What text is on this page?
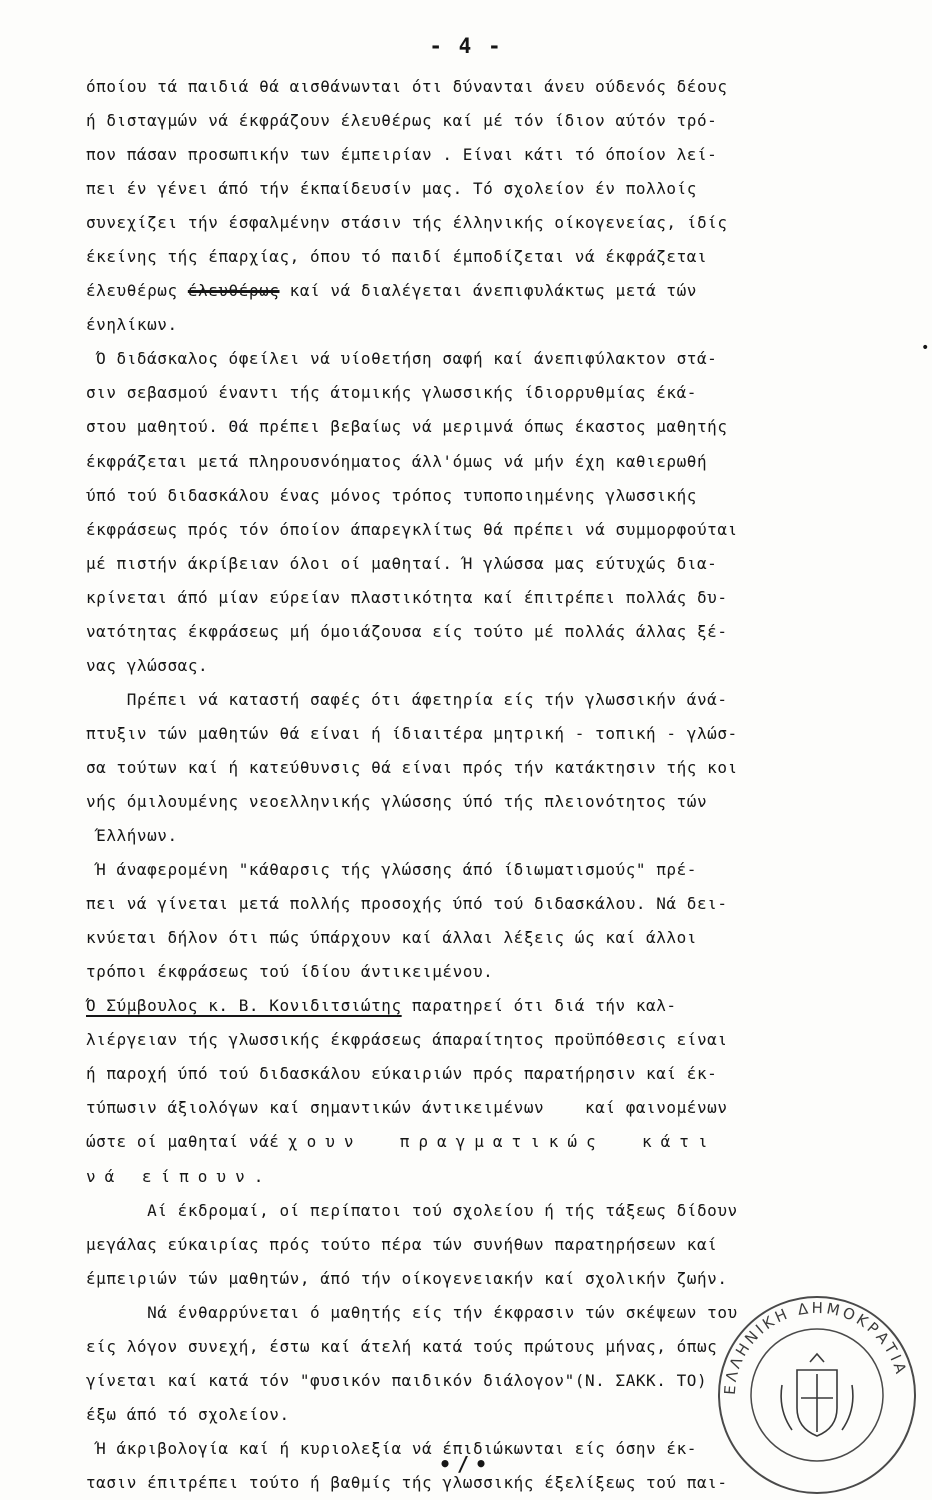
- 4 -
όποίου τά παιδιά θά αισθάνωνται ότι δύνανται άνευ ούδενός δέους
ή δισταγμών νά έκφράζουν έλευθέρως καί μέ τόν ίδιον αύτόν τρό-
πον πάσαν προσωπικήν των έμπειρίαν . Είναι κάτι τό όποίον λεί-
πει έν γένει άπό τήν έκπαίδευσίν μας. Τό σχολείον έν πολλοίς
συνεχίζει τήν έσφαλμένην στάσιν τής έλληνικής οίκογενείας, ίδίς
έκείνης τής έπαρχίας, όπου τό παιδί έμποδίζεται νά έκφράζεται
έλευθέρως έλευθέρως καί νά διαλέγεται άνεπιφυλάκτως μετά τών
ένηλίκων.
Ό διδάσκαλος όφείλει νά υίοθετήση σαφή καί άνεπιφύλακτον στά-
σιν σεβασμού έναντι τής άτομικής γλωσσικής ίδιορρυθμίας έκά-
στου μαθητού. Θά πρέπει βεβαίως νά μεριμνά όπως έκαστος μαθητής
έκφράζεται μετά πληρουσνόηματος άλλ'όμως νά μήν έχη καθιερωθή
ύπό τού διδασκάλου ένας μόνος τρόπος τυποποιημένης γλωσσικής
έκφράσεως πρός τόν όποίον άπαρεγκλίτως θά πρέπει νά συμμορφούται
μέ πιστήν άκρίβειαν όλοι οί μαθηταί. Ή γλώσσα μας εύτυχώς δια-
κρίνεται άπό μίαν εύρείαν πλαστικότητα καί έπιτρέπει πολλάς δυ-
νατότητας έκφράσεως μή όμοιάζουσα είς τούτο μέ πολλάς άλλας ξέ-
νας γλώσσας.
Πρέπει νά καταστή σαφές ότι άφετηρία είς τήν γλωσσικήν άνά-
πτυξιν τών μαθητών θά είναι ή ίδιαιτέρα μητρική - τοπική - γλώσ-
σα τούτων καί ή κατεύθυνσις θά είναι πρός τήν κατάκτησιν τής κοι
νής όμιλουμένης νεοελληνικής γλώσσης ύπό τής πλειονότητος τών
Έλλήνων.
Ή άναφερομένη "κάθαρσις τής γλώσσης άπό ίδιωματισμούς" πρέ-
πει νά γίνεται μετά πολλής προσοχής ύπό τού διδασκάλου. Νά δει-
κνύεται δήλον ότι πώς ύπάρχουν καί άλλαι λέξεις ώς καί άλλοι
τρόποι έκφράσεως τού ίδίου άντικειμένου.
Ό Σύμβουλος κ. Β. Κονιδιτσιώτης παρατηρεί ότι διά τήν καλ-
λιέργειαν τής γλωσσικής έκφράσεως άπαραίτητος προϋπόθεσις είναι
ή παροχή ύπό τού διδασκάλου εύκαιριών πρός παρατήρησιν καί έκ-
τύπωσιν άξιολόγων καί σημαντικών άντικειμένων    καί φαινομένων
ώστε οί μαθηταί νάέχουν  πραγματικώς  κάτι
νά είπουν.
Αί έκδρομαί, οί περίπατοι τού σχολείου ή τής τάξεως δίδουν
μεγάλας εύκαιρίας πρός τούτο πέρα τών συνήθων παρατηρήσεων καί
έμπειριών τών μαθητών, άπό τήν οίκογενειακήν καί σχολικήν ζωήν.
Νά ένθαρρύνεται ό μαθητής είς τήν έκφρασιν τών σκέψεων του
είς λόγον συνεχή, έστω καί άτελή κατά τούς πρώτους μήνας, όπως
γίνεται καί κατά τόν "φυσικόν παιδικόν διάλογον"(Ν. ΣΑΚΚ. ΤΟ)
έξω άπό τό σχολείον.
Ή άκριβολογία καί ή κυριολεξία νά έπιδιώκωνται είς όσην έκ-
τασιν έπιτρέπει τούτο ή βαθμίς τής γλωσσικής έξελίξεως τού παι-
•
•/•
ΕΛΛΗΝΙΚΗ ΔΗΜΟΚΡΑΤΙΑ
